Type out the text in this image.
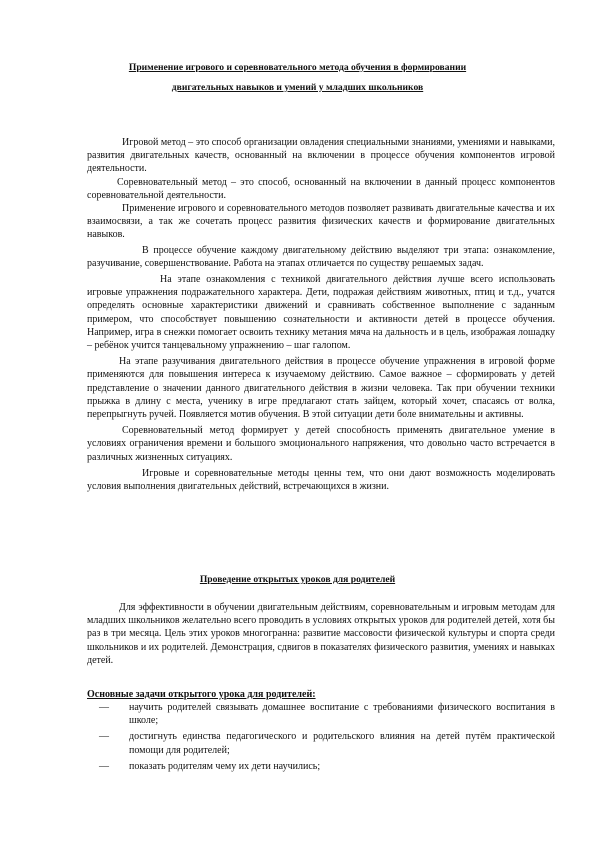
Применение игрового и соревновательного метода обучения в формировании
двигательных навыков и умений у младших школьников

Игровой метод – это способ организации овладения специальными знаниями, умениями и навыками, развития двигательных качеств, основанный на включении в процессе обучения компонентов игровой деятельности.

Соревновательный метод – это способ, основанный на включении в данный процесс компонентов соревновательной деятельности.

Применение игрового и соревновательного методов позволяет развивать двигательные качества и их взаимосвязи, а так же сочетать процесс развития физических качеств и формирование двигательных навыков.

В процессе обучение каждому двигательному действию выделяют три этапа: ознакомление, разучивание, совершенствование. Работа на этапах отличается по существу решаемых задач.

На этапе ознакомления с техникой двигательного действия лучше всего использовать игровые упражнения подражательного характера. Дети, подражая действиям животных, птиц и т.д., учатся определять основные характеристики движений и сравнивать собственное выполнение с заданным примером, что способствует повышению сознательности и активности детей в процессе обучения. Например, игра в снежки помогает освоить технику метания мяча на дальность и в цель, изображая лошадку – ребёнок учится танцевальному упражнению – шаг галопом.

На этапе разучивания двигательного действия в процессе обучение упражнения в игровой форме применяются для повышения интереса к изучаемому действию. Самое важное – сформировать у детей представление о значении данного двигательного действия в жизни человека. Так при обучении техники прыжка в длину с места, ученику в игре предлагают стать зайцем, который хочет, спасаясь от волка, перепрыгнуть ручей. Появляется мотив обучения. В этой ситуации дети боле внимательны и активны.

Соревновательный метод формирует у детей способность применять двигательное умение в условиях ограничения времени и большого эмоционального напряжения, что довольно часто встречается в различных жизненных ситуациях.

Игровые и соревновательные методы ценны тем, что они дают возможность моделировать условия выполнения двигательных действий, встречающихся в жизни.

Проведение открытых уроков для родителей

Для эффективности в обучении двигательным действиям, соревновательным и игровым методам для младших школьников желательно всего проводить в условиях открытых уроков для родителей детей, хотя бы раз в три месяца. Цель этих уроков многогранна: развитие массовости физической культуры и спорта среди школьников и их родителей. Демонстрация, сдвигов в показателях физического развития, умениях и навыках детей.

Основные задачи открытого урока для родителей:
— научить родителей связывать домашнее воспитание с требованиями физического воспитания в школе;
— достигнуть единства педагогического и родительского влияния на детей путём практической помощи для родителей;
— показать родителям чему их дети научились;
